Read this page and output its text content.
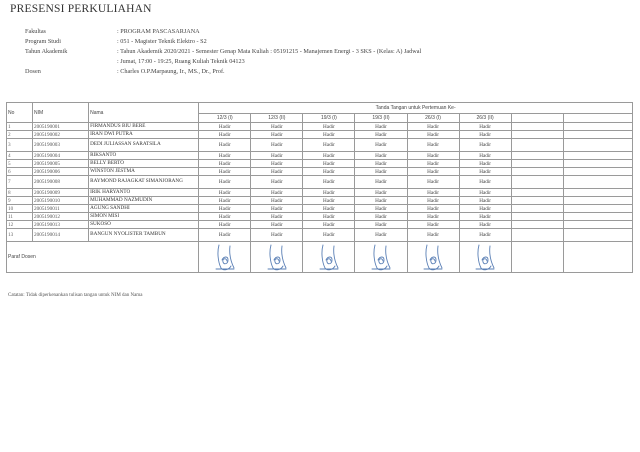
PRESENSI PERKULIAHAN
Fakultas	: PROGRAM PASCASARJANA
Program Studi	: 051 - Magister Teknik Elektro - S2
Tahun Akademik	: Tahun Akademik 2020/2021 - Semester Genap Mata Kuliah : 05191215 - Manajemen Energi - 3 SKS - (Kelas: A) Jadwal
: Jumat, 17:00 - 19:25, Ruang Kuliah Teknik 04123
Dosen	: Charles O.P.Marpaung, Ir., MS., Dr., Prof.
No	NIM	Nama	Tanda Tangan untuk Pertemuan Ke-							
			12/3 (I)	12/3 (II)	19/3 (I)	19/3 (II)	26/3 (I)	26/3 (II)		
1	2005190001	FIRMANDUS BIU BERE	Hadir	Hadir	Hadir	Hadir	Hadir	Hadir		
2	2005190002	IRAN DWI PUTRA	Hadir	Hadir	Hadir	Hadir	Hadir	Hadir		
3	2005190003	DEDI JULIASSAN SARATSILA	Hadir	Hadir	Hadir	Hadir	Hadir	Hadir		
4	2005190004	RIKSANTO	Hadir	Hadir	Hadir	Hadir	Hadir	Hadir		
5	2005190005	BELLY BERTO	Hadir	Hadir	Hadir	Hadir	Hadir	Hadir		
6	2005190006	WINSTON JESTMA	Hadir	Hadir	Hadir	Hadir	Hadir	Hadir		
7	2005190008	RAYMOND RAJAGKAT SIMANJORANG	Hadir	Hadir	Hadir	Hadir	Hadir	Hadir		
8	2005190009	IRIK HARYANTO	Hadir	Hadir	Hadir	Hadir	Hadir	Hadir		
9	2005190010	MUHAMMAD NAZMUDIN	Hadir	Hadir	Hadir	Hadir	Hadir	Hadir		
10	2005190011	AGUNG SANDHI	Hadir	Hadir	Hadir	Hadir	Hadir	Hadir		
11	2005190012	SIMON MISI	Hadir	Hadir	Hadir	Hadir	Hadir	Hadir		
12	2005190013	SUKOSO	Hadir	Hadir	Hadir	Hadir	Hadir	Hadir		
13	2005190014	BANGUN NYOLISTER TAMBUN	Hadir	Hadir	Hadir	Hadir	Hadir	Hadir		
Paraf Dosen	

Catatan: Tidak diperkenankan tulisan tangan untuk NIM dan Nama
